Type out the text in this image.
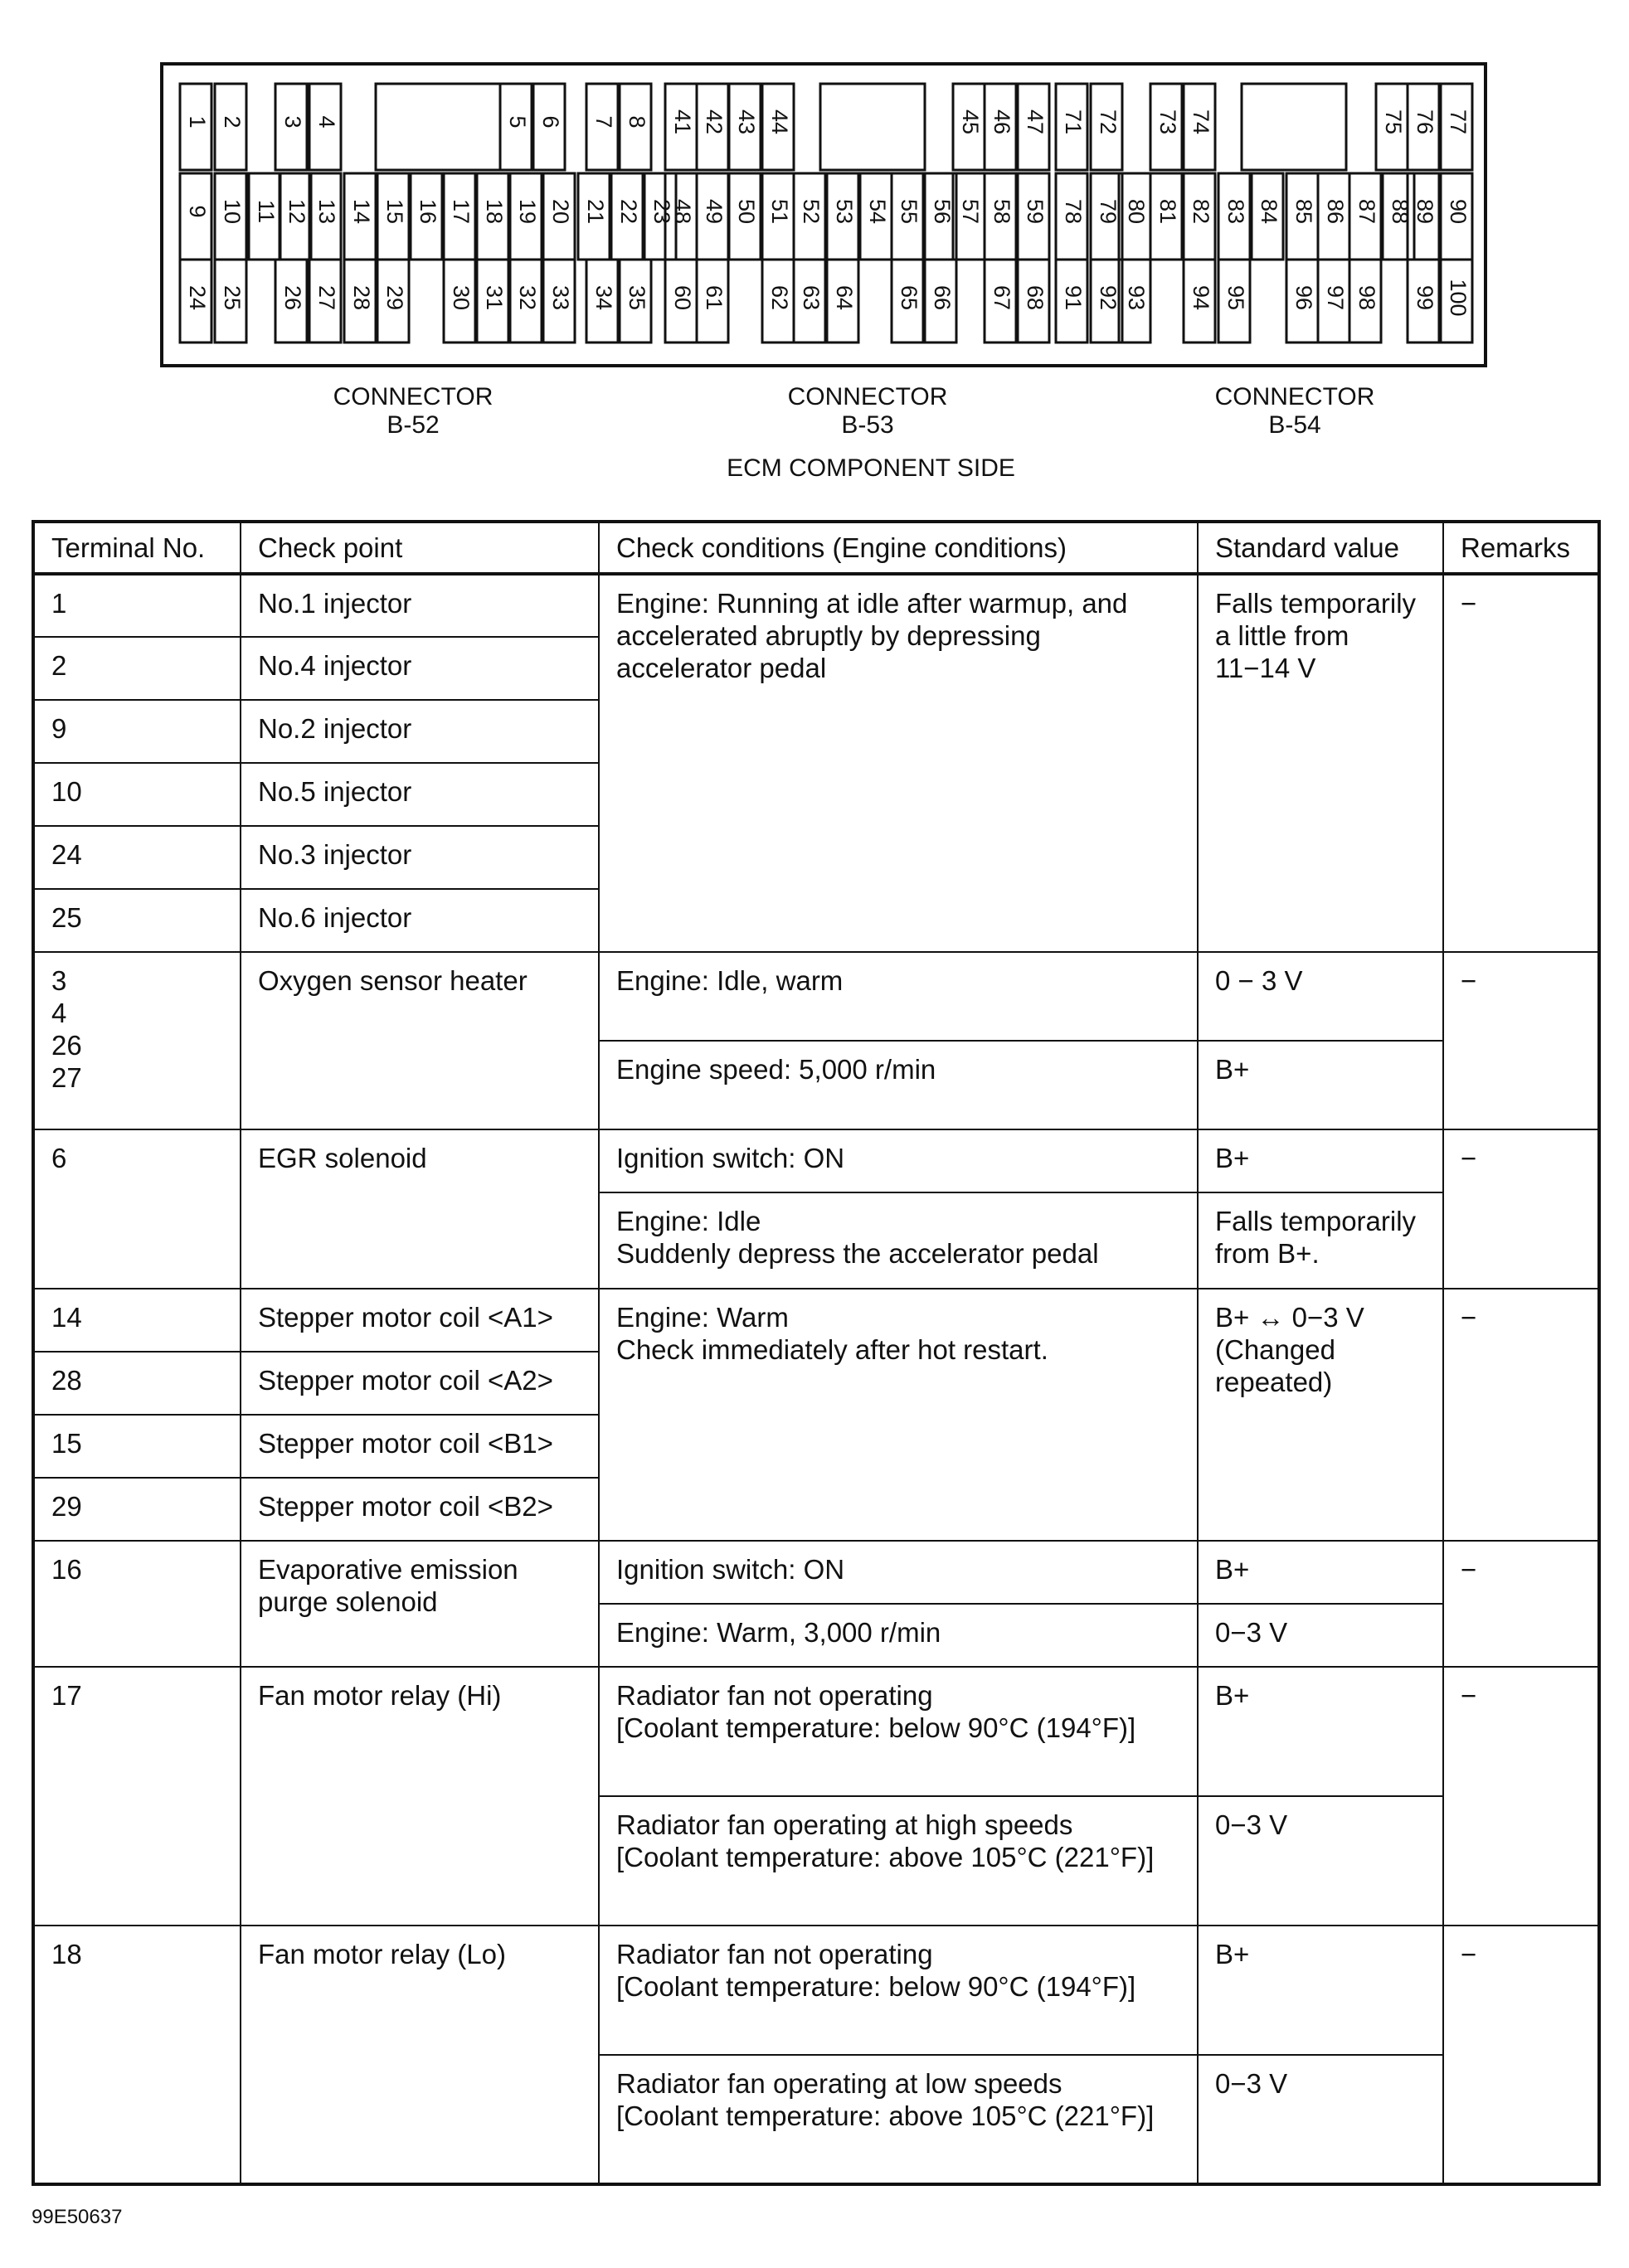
1 2 3 4	5 6 7 8 41 42 43 44	45 46 47 71 72 73 74	75 76 77
9 10 11 12 13 14 15 16 17 18 19 20 21 22 23
48 49 50 51 52 53 54 55 56 57 58 59 78 79 80 81 82 83 84 85 86 87 88 89 90
24 25 26 27 28 29 30 31 32 33 34 35 60 61 62 63 64 65 66 67 68 91 92 93 94 95 96 97 98 99 100
CONNECTOR
B-52
CONNECTOR
B-53
CONNECTOR
B-54
ECM COMPONENT SIDE
Terminal No.	Check point	Check conditions (Engine conditions)	Standard value	Remarks
1	No.1 injector	Engine: Running at idle after warmup, and accelerated abruptly by depressing accelerator pedal	Falls temporarily a little from 11−14 V	−
2	No.4 injector			
9	No.2 injector			
10	No.5 injector			
24	No.3 injector			
25	No.6 injector			

3
4
26
27	Oxygen sensor heater	Engine: Idle, warm	0 − 3 V	−
		Engine speed: 5,000 r/min	B+	
6	EGR solenoid	Ignition switch: ON	B+	−

		Engine: Idle
Suddenly depress the accelerator pedal	Falls temporarily from B+.	
14	Stepper motor coil <A1>	Engine: Warm
Check immediately after hot restart.	B+ ↔ 0−3 V
(Changed
repeated)	−
28	Stepper motor coil <A2>			
15	Stepper motor coil <B1>			
29	Stepper motor coil <B2>			
16	Evaporative emission purge solenoid	Ignition switch: ON	B+	−
		Engine: Warm, 3,000 r/min	0−3 V	
17	Fan motor relay (Hi)	Radiator fan not operating
[Coolant temperature: below 90°C (194°F)]	B+	−

		Radiator fan operating at high speeds
[Coolant temperature: above 105°C (221°F)]	0−3 V	
18	Fan motor relay (Lo)	Radiator fan not operating
[Coolant temperature: below 90°C (194°F)]	B+	−

		Radiator fan operating at low speeds
[Coolant temperature: above 105°C (221°F)]	0−3 V	
99E50637
